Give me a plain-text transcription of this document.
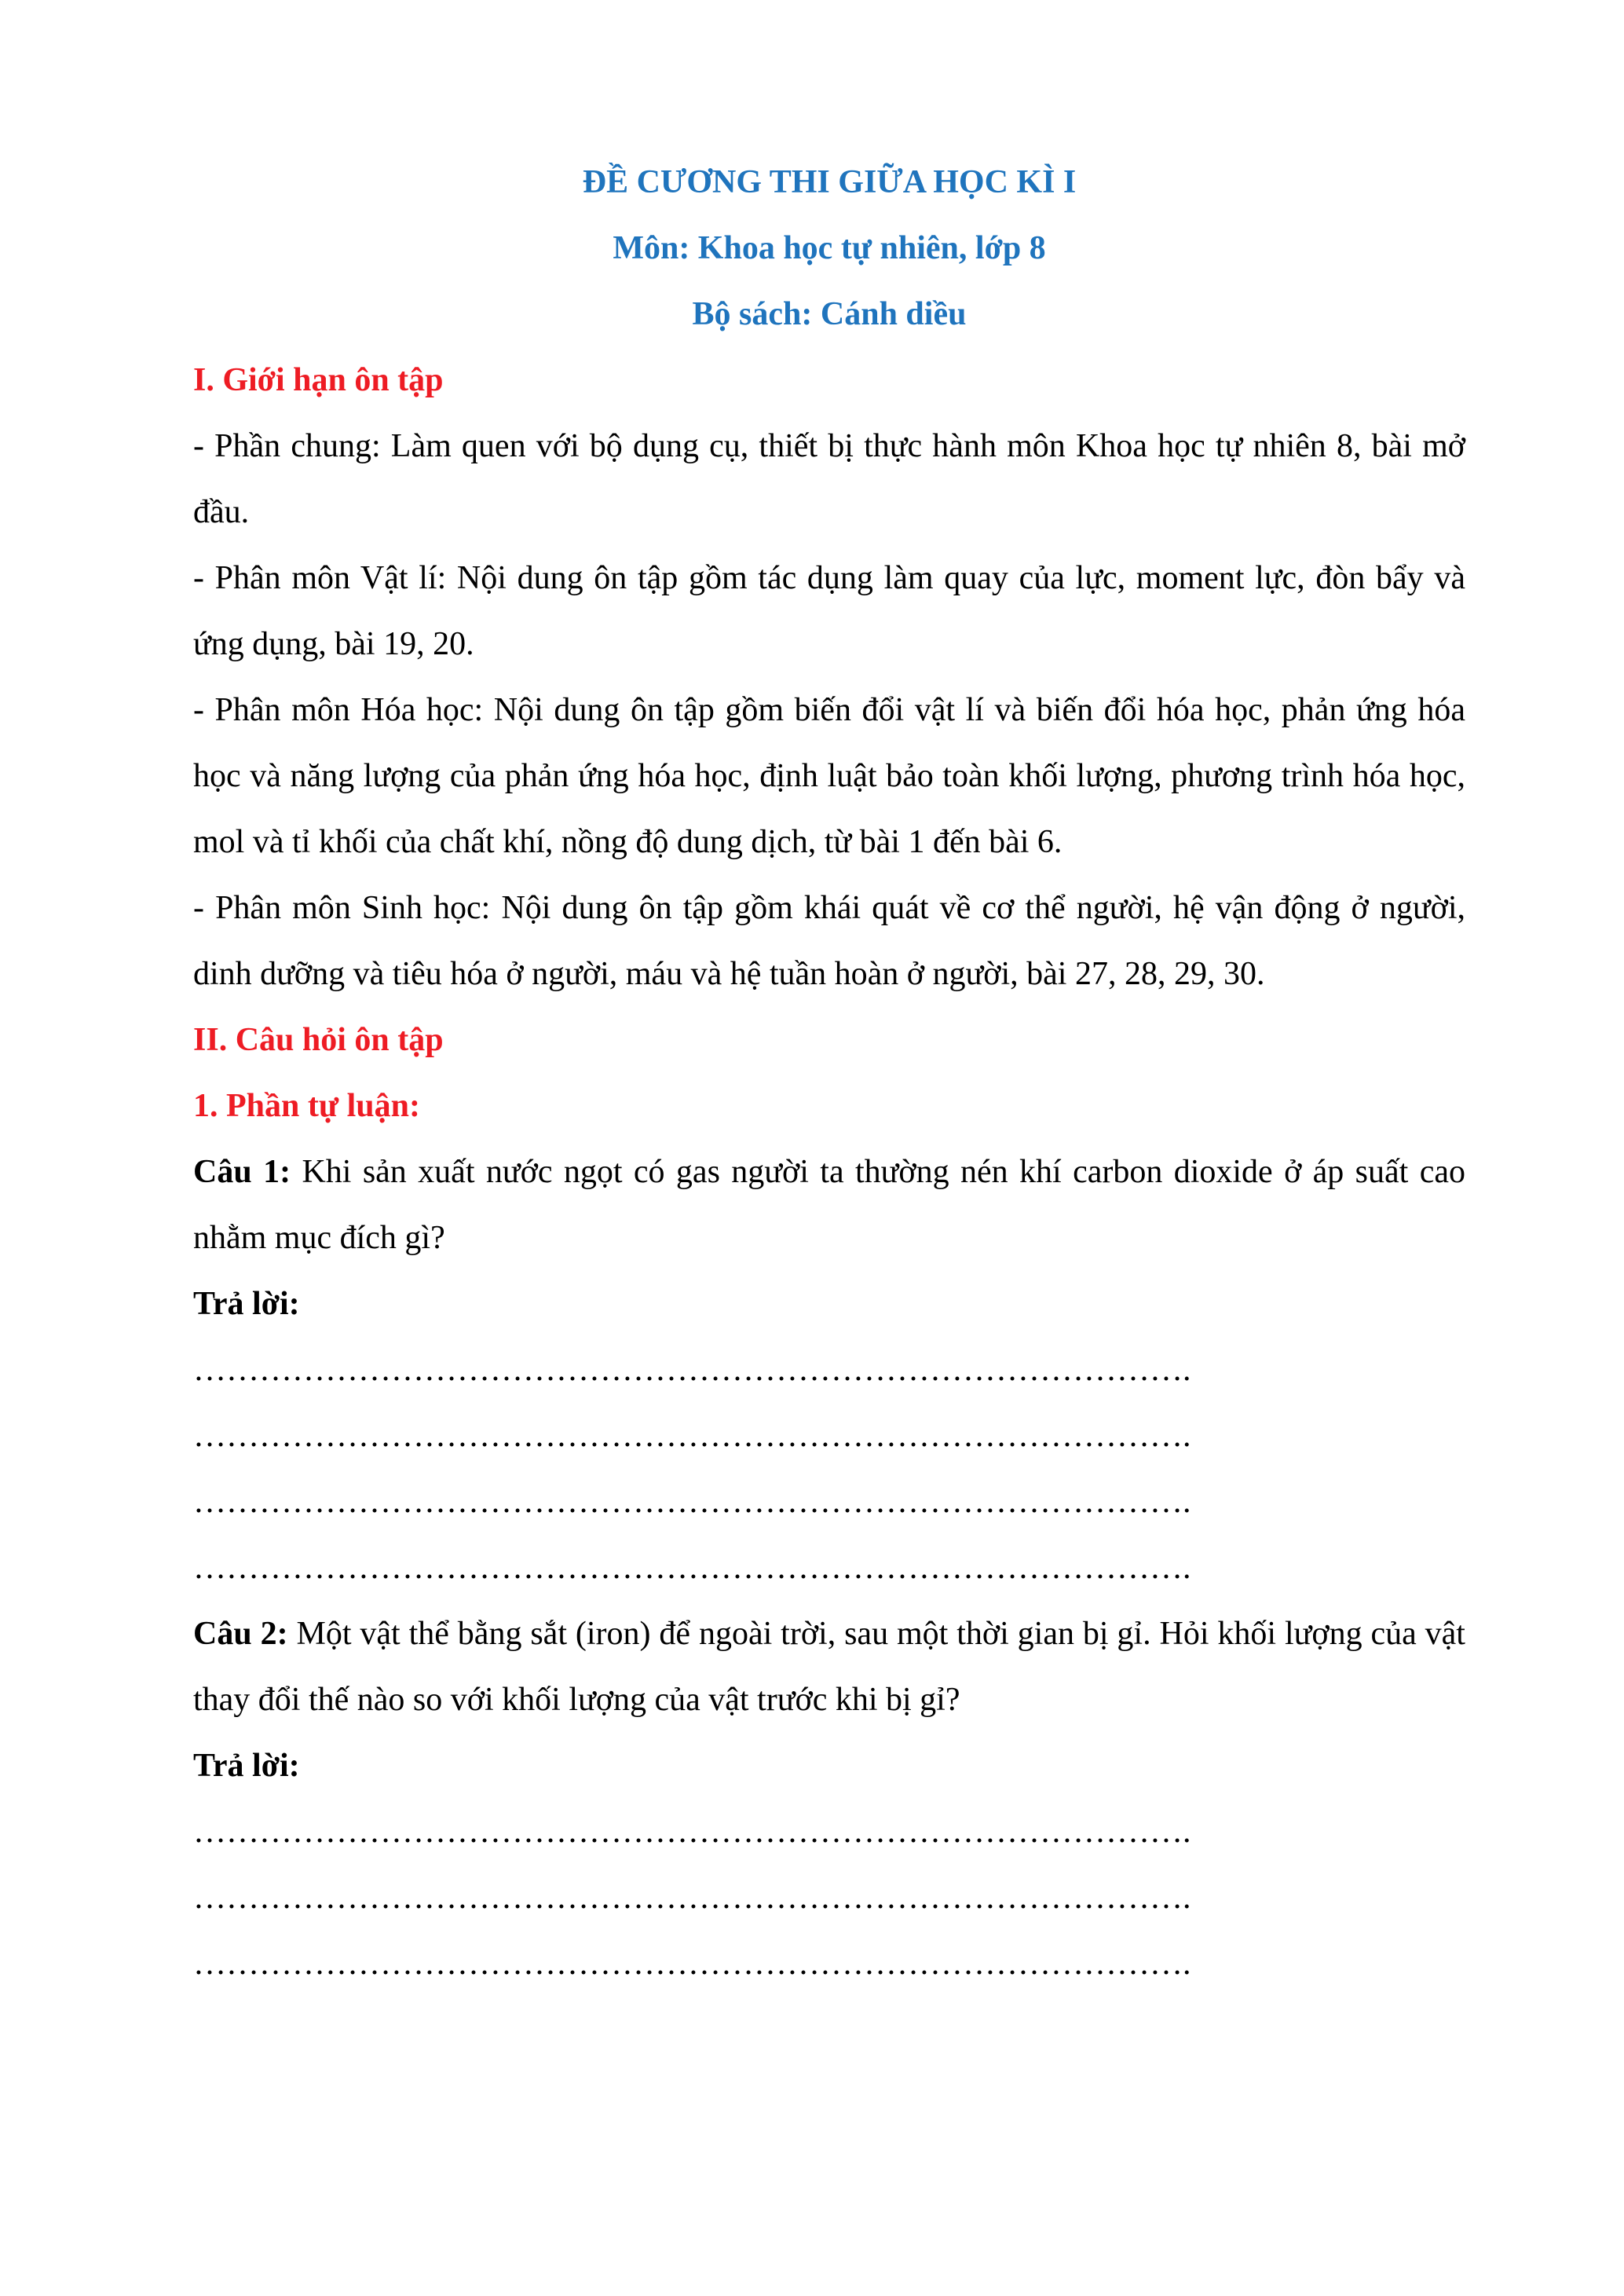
ĐỀ CƯƠNG THI GIỮA HỌC KÌ I

Môn: Khoa học tự nhiên, lớp 8

Bộ sách: Cánh diều

I. Giới hạn ôn tập

- Phần chung: Làm quen với bộ dụng cụ, thiết bị thực hành môn Khoa học tự nhiên 8, bài mở đầu.

- Phân môn Vật lí: Nội dung ôn tập gồm tác dụng làm quay của lực, moment lực, đòn bẩy và ứng dụng, bài 19, 20.

- Phân môn Hóa học: Nội dung ôn tập gồm biến đổi vật lí và biến đổi hóa học, phản ứng hóa học và năng lượng của phản ứng hóa học, định luật bảo toàn khối lượng, phương trình hóa học, mol và tỉ khối của chất khí, nồng độ dung dịch, từ bài 1 đến bài 6.

- Phân môn Sinh học: Nội dung ôn tập gồm khái quát về cơ thể người, hệ vận động ở người, dinh dưỡng và tiêu hóa ở người, máu và hệ tuần hoàn ở người, bài 27, 28, 29, 30.

II. Câu hỏi ôn tập

1. Phần tự luận:

Câu 1: Khi sản xuất nước ngọt có gas người ta thường nén khí carbon dioxide ở áp suất cao nhằm mục đích gì?

Trả lời:

……………………………………………………………………………….

……………………………………………………………………………….

……………………………………………………………………………….

……………………………………………………………………………….

Câu 2: Một vật thể bằng sắt (iron) để ngoài trời, sau một thời gian bị gỉ. Hỏi khối lượng của vật thay đổi thế nào so với khối lượng của vật trước khi bị gỉ?

Trả lời:

……………………………………………………………………………….

……………………………………………………………………………….

……………………………………………………………………………….
